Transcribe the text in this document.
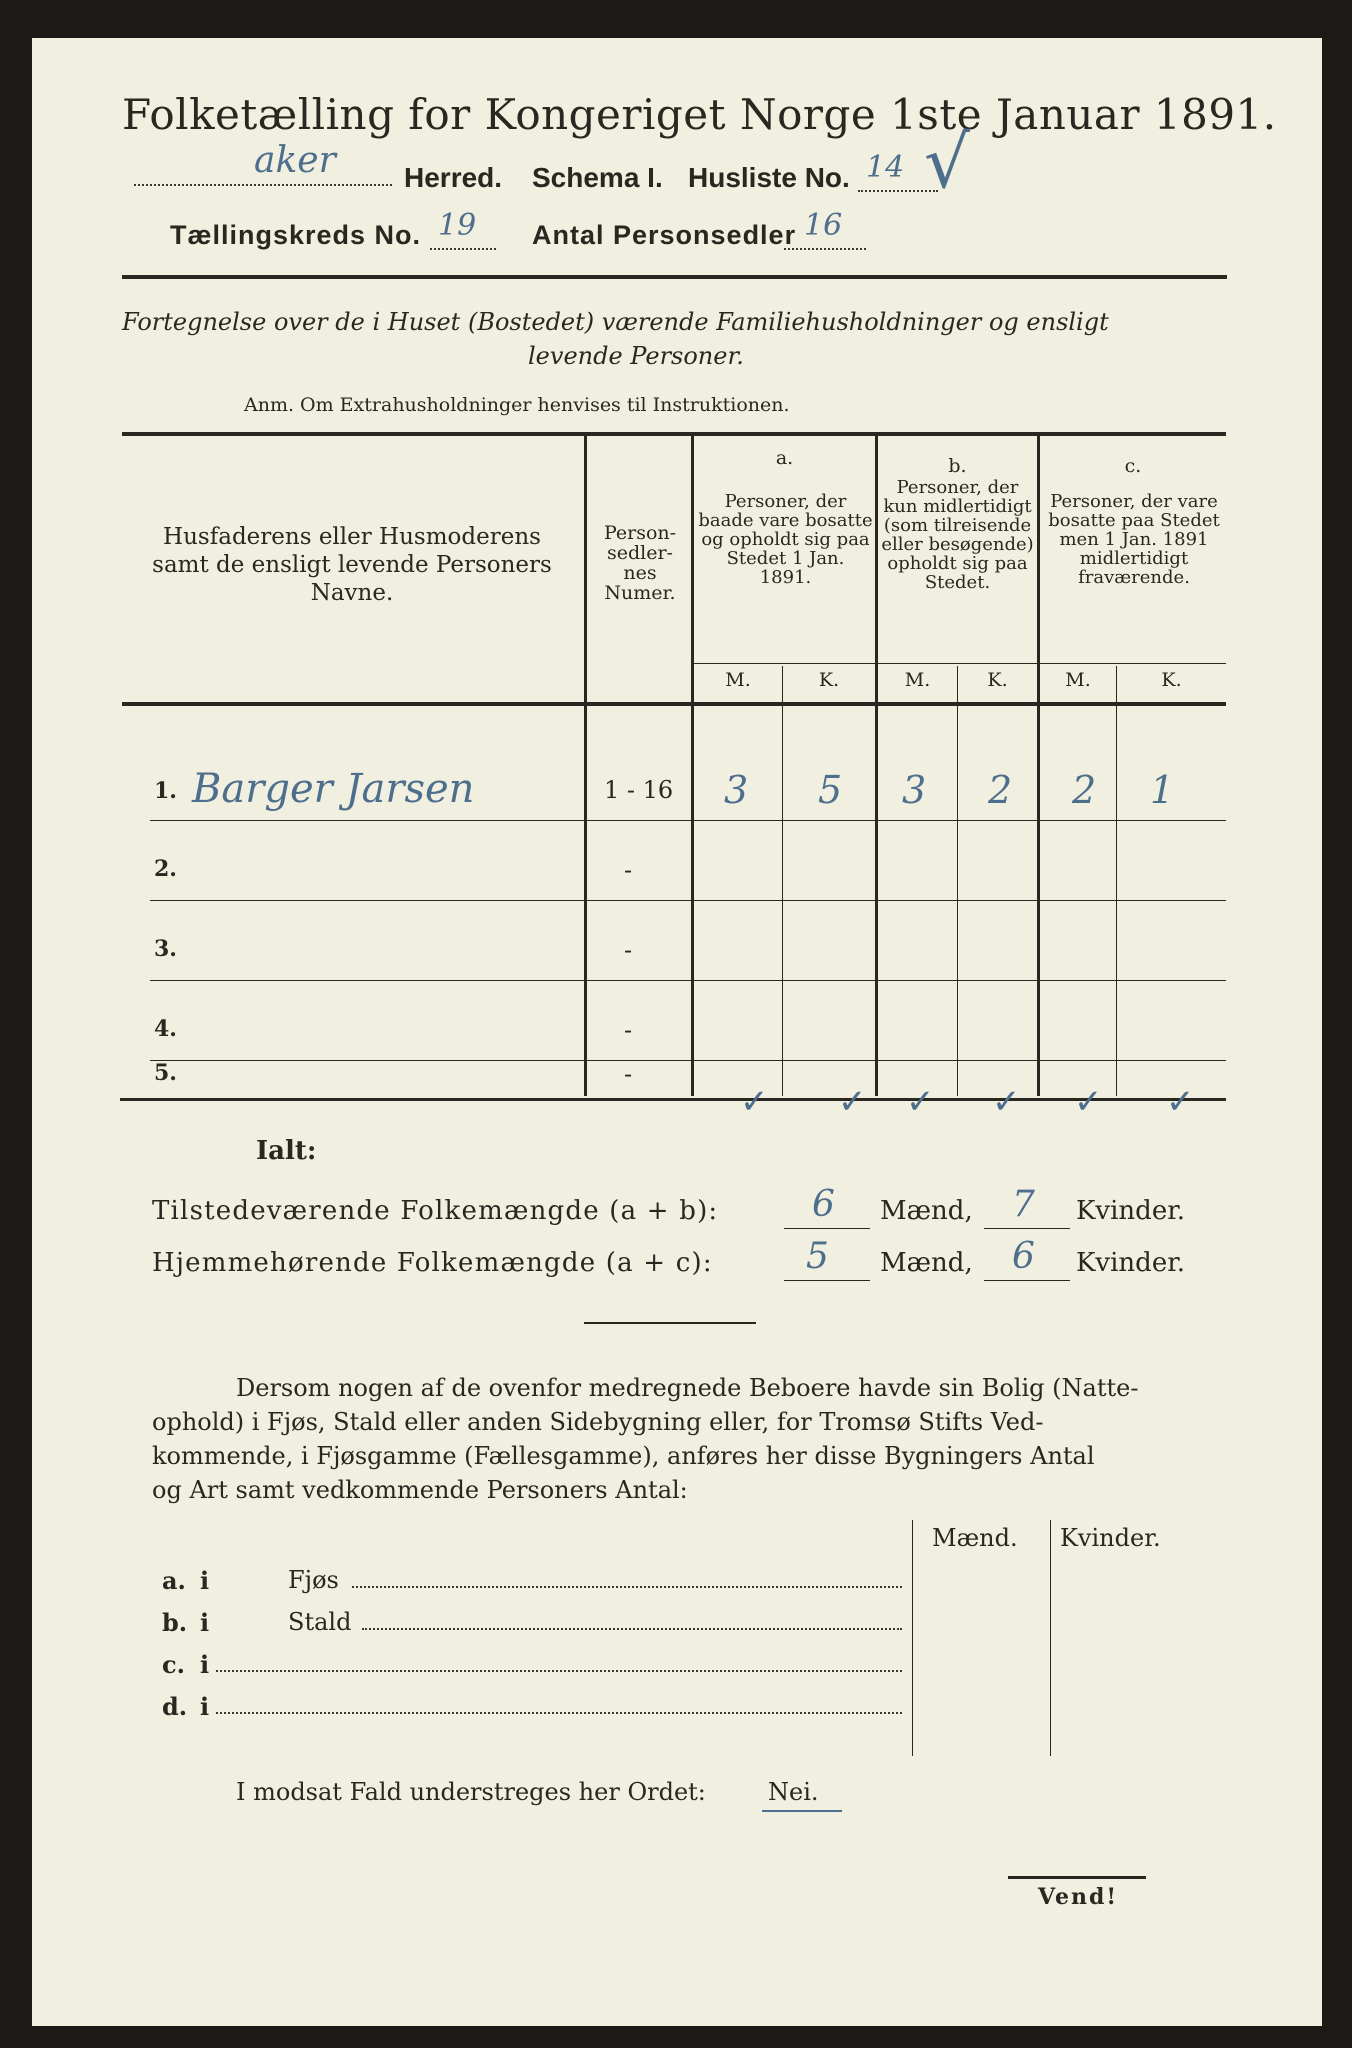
Folketælling for Kongeriget Norge 1ste Januar 1891.
aker Herred. Schema I. Husliste No. 14 √
Tællingskreds No. 19 Antal Personsedler 16
Fortegnelse over de i Huset (Bostedet) værende Familiehusholdninger og ensligt
levende Personer.
Anm. Om Extrahusholdninger henvises til Instruktionen.
Husfaderens eller Husmoderens samt de ensligt levende Personers Navne.
Person-sedler-nes Numer.
a.
Personer, der baade vare bosatte og opholdt sig paa Stedet 1 Jan. 1891.
b.
Personer, der kun midlertidigt (som tilreisende eller besøgende) opholdt sig paa Stedet.
c.
Personer, der vare bosatte paa Stedet men 1 Jan. 1891 midlertidigt fraværende.
M.	K.	M.	K.	M.	K.
1. Barger Jarsen	1 - 16 3 5 3 2 2 1
2.	-
3.	-
4.	-
5.	-
✓ ✓ ✓ ✓ ✓ ✓
Ialt:
Tilstedeværende Folkemængde (a + b):	6 Mænd, 7 Kvinder.
Hjemmehørende Folkemængde (a + c):	5 Mænd, 6 Kvinder.
Dersom nogen af de ovenfor medregnede Beboere havde sin Bolig (Natte-
ophold) i Fjøs, Stald eller anden Sidebygning eller, for Tromsø Stifts Ved-
kommende, i Fjøsgamme (Fællesgamme), anføres her disse Bygningers Antal
og Art samt vedkommende Personers Antal:
Mænd. Kvinder.
a. i	Fjøs
b. i	Stald
c. i
d. i
I modsat Fald understreges her Ordet:	Nei.
Vend!
